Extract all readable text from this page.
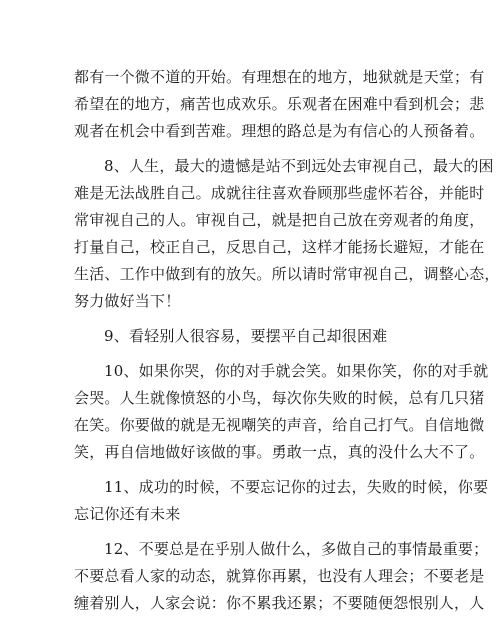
都有一个微不道的开始。有理想在的地方，地狱就是天堂；有
希望在的地方，痛苦也成欢乐。乐观者在困难中看到机会；悲
观者在机会中看到苦难。理想的路总是为有信心的人预备着。
8、人生，最大的遗憾是站不到远处去审视自己，最大的困
难是无法战胜自己。成就往往喜欢眷顾那些虚怀若谷，并能时
常审视自己的人。审视自己，就是把自己放在旁观者的角度，
打量自己，校正自己，反思自己，这样才能扬长避短，才能在
生活、工作中做到有的放矢。所以请时常审视自己，调整心态，
努力做好当下！
9、看轻别人很容易，要摆平自己却很困难
10、如果你哭，你的对手就会笑。如果你笑，你的对手就
会哭。人生就像愤怒的小鸟，每次你失败的时候，总有几只猪
在笑。你要做的就是无视嘲笑的声音，给自己打气。自信地微
笑，再自信地做好该做的事。勇敢一点，真的没什么大不了。
11、成功的时候，不要忘记你的过去，失败的时候，你要
忘记你还有未来
12、不要总是在乎别人做什么，多做自己的事情最重要；
不要总看人家的动态，就算你再累，也没有人理会；不要老是
缠着别人，人家会说：你不累我还累；不要随便怨恨别人，人
